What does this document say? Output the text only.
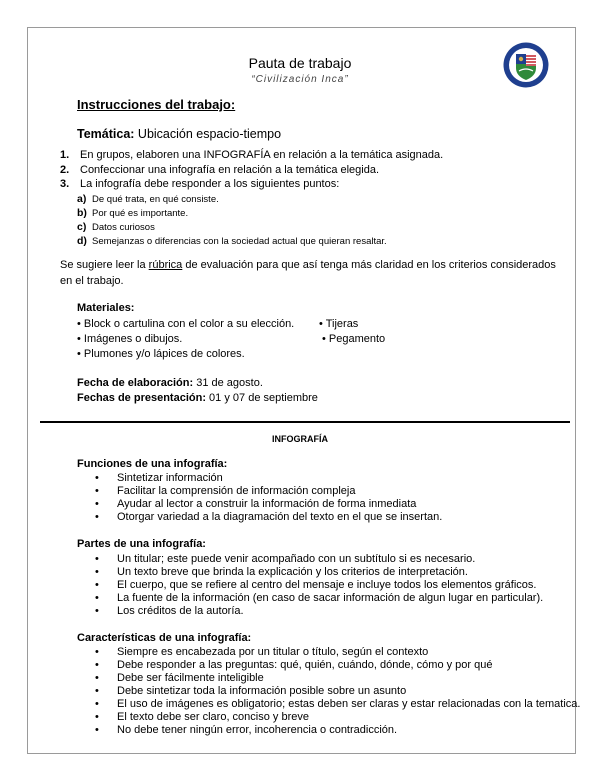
Pauta de trabajo
“Civilización Inca”
Instrucciones del trabajo:
Temática: Ubicación espacio-tiempo
1. En grupos, elaboren una INFOGRAFÍA en relación a la temática asignada.
2. Confeccionar una infografía en relación a la temática elegida.
3. La infografía debe responder a los siguientes puntos:
a) De qué trata, en qué consiste.
b) Por qué es importante.
c) Datos curiosos
d) Semejanzas o diferencias con la sociedad actual que quieran resaltar.
Se sugiere leer la rúbrica de evaluación para que así tenga más claridad en los criterios considerados en el trabajo.
Materiales:
• Block o cartulina con el color a su elección.
• Imágenes o dibujos.
• Plumones y/o lápices de colores.
• Tijeras
• Pegamento
Fecha de elaboración: 31 de agosto.
Fechas de presentación: 01 y 07 de septiembre
INFOGRAFÍA
Funciones de una infografía:
• Sintetizar información
• Facilitar la comprensión de información compleja
• Ayudar al lector a construir la información de forma inmediata
• Otorgar variedad a la diagramación del texto en el que se insertan.
Partes de una infografía:
• Un titular; este puede venir acompañado con un subtítulo si es necesario.
• Un texto breve que brinda la explicación y los criterios de interpretación.
• El cuerpo, que se refiere al centro del mensaje e incluye todos los elementos gráficos.
• La fuente de la información (en caso de sacar información de algun lugar en particular).
• Los créditos de la autoría.
Características de una infografía:
• Siempre es encabezada por un titular o título, según el contexto
• Debe responder a las preguntas: qué, quién, cuándo, dónde, cómo y por qué
• Debe ser fácilmente inteligible
• Debe sintetizar toda la información posible sobre un asunto
• El uso de imágenes es obligatorio; estas deben ser claras y estar relacionadas con la tematica.
• El texto debe ser claro, conciso y breve
• No debe tener ningún error, incoherencia o contradicción.
